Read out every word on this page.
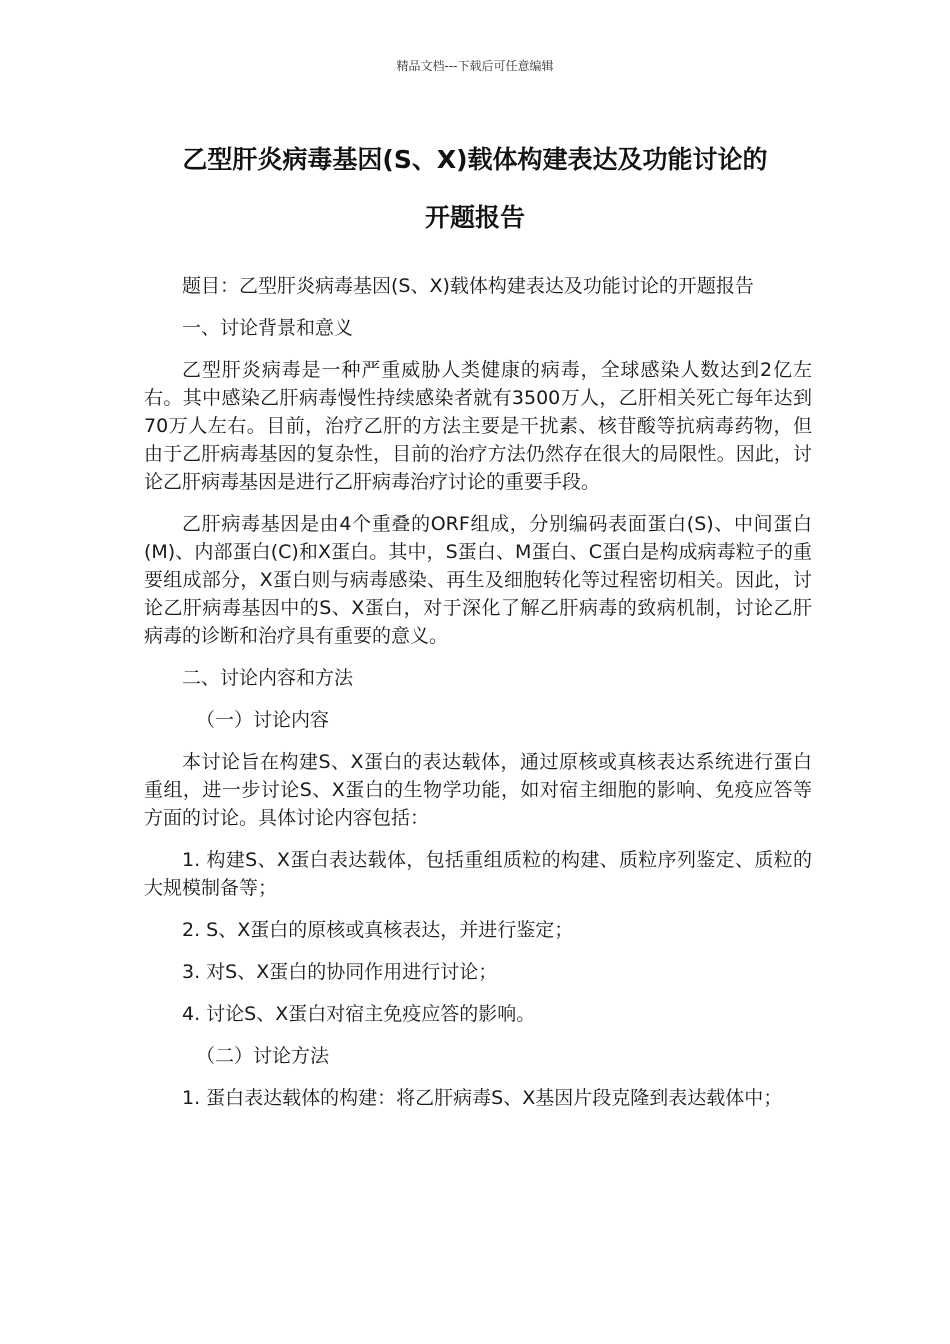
精品文档---下载后可任意编辑
乙型肝炎病毒基因(S、X)载体构建表达及功能讨论的
开题报告

题目：乙型肝炎病毒基因(S、X)载体构建表达及功能讨论的开题报告

一、讨论背景和意义

乙型肝炎病毒是一种严重威胁人类健康的病毒，全球感染人数达到2亿左右。其中感染乙肝病毒慢性持续感染者就有3500万人，乙肝相关死亡每年达到70万人左右。目前，治疗乙肝的方法主要是干扰素、核苷酸等抗病毒药物，但由于乙肝病毒基因的复杂性，目前的治疗方法仍然存在很大的局限性。因此，讨论乙肝病毒基因是进行乙肝病毒治疗讨论的重要手段。

乙肝病毒基因是由4个重叠的ORF组成，分别编码表面蛋白(S)、中间蛋白(M)、内部蛋白(C)和X蛋白。其中，S蛋白、M蛋白、C蛋白是构成病毒粒子的重要组成部分，X蛋白则与病毒感染、再生及细胞转化等过程密切相关。因此，讨论乙肝病毒基因中的S、X蛋白，对于深化了解乙肝病毒的致病机制，讨论乙肝病毒的诊断和治疗具有重要的意义。

二、讨论内容和方法

（一）讨论内容

本讨论旨在构建S、X蛋白的表达载体，通过原核或真核表达系统进行蛋白重组，进一步讨论S、X蛋白的生物学功能，如对宿主细胞的影响、免疫应答等方面的讨论。具体讨论内容包括：

1. 构建S、X蛋白表达载体，包括重组质粒的构建、质粒序列鉴定、质粒的大规模制备等；

2. S、X蛋白的原核或真核表达，并进行鉴定；

3. 对S、X蛋白的协同作用进行讨论；

4. 讨论S、X蛋白对宿主免疫应答的影响。

（二）讨论方法

1. 蛋白表达载体的构建：将乙肝病毒S、X基因片段克隆到表达载体中；
